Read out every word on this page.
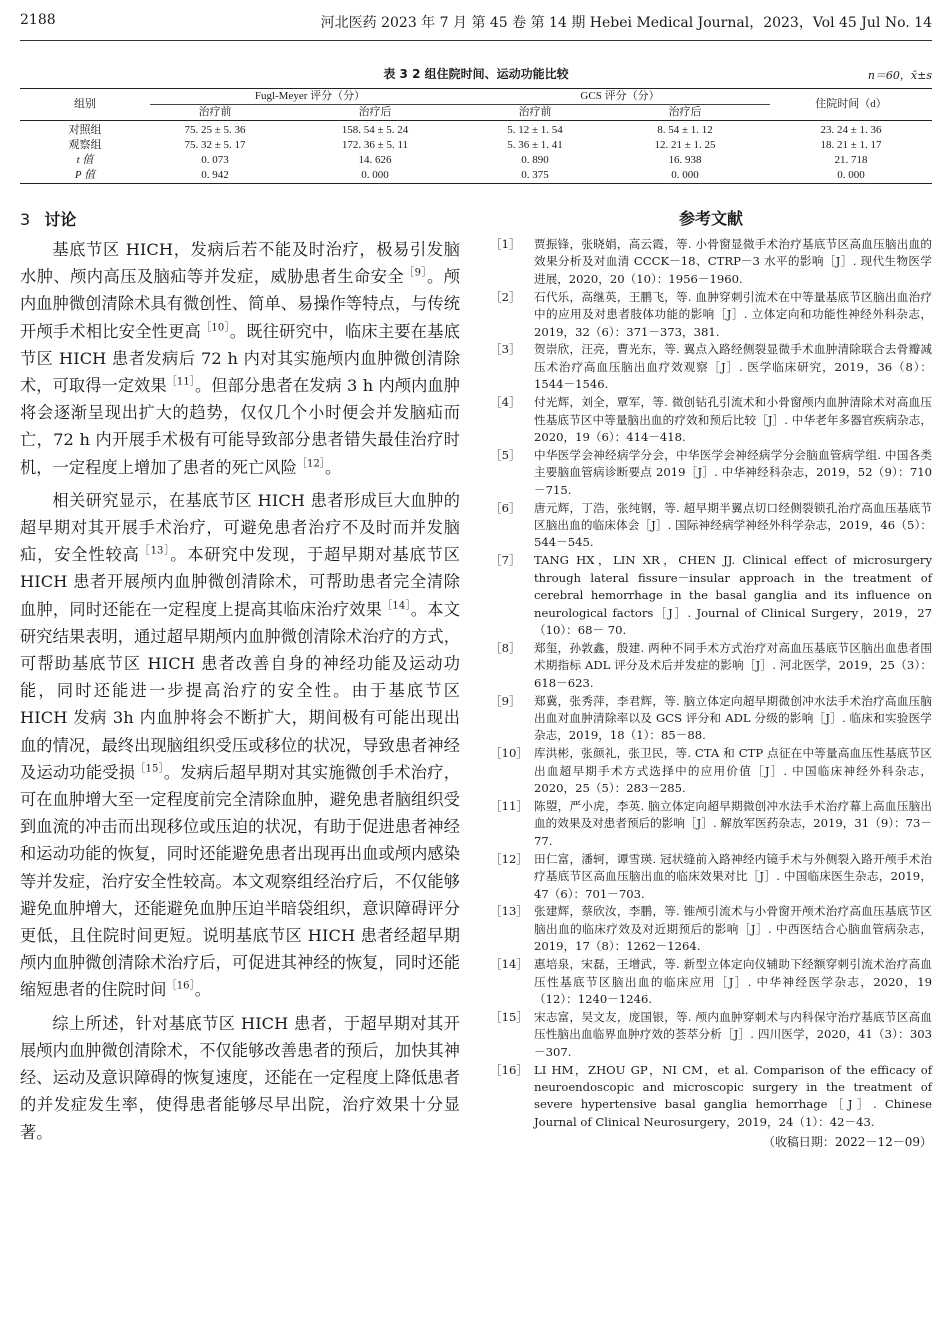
2188	河北医药 2023 年 7 月 第 45 卷 第 14 期 Hebei Medical Journal，2023，Vol 45 Jul No. 14
表 3 2 组住院时间、运动功能比较	n＝60，x̄±s
组别	Fugl-Meyer 评分（分）		GCS 评分（分）		住院时间（d）
	治疗前	治疗后	治疗前	治疗后	
对照组	75. 25 ± 5. 36	158. 54 ± 5. 24	5. 12 ± 1. 54	8. 54 ± 1. 12	23. 24 ± 1. 36
观察组	75. 32 ± 5. 17	172. 36 ± 5. 11	5. 36 ± 1. 41	12. 21 ± 1. 25	18. 21 ± 1. 17
t 值	0. 073	14. 626	0. 890	16. 938	21. 718
P 值	0. 942	0. 000	0. 375	0. 000	0. 000
3 讨论

基底节区 HICH，发病后若不能及时治疗，极易引发脑水肿、颅内高压及脑疝等并发症，威胁患者生命安全$^{[9]}$。颅内血肿微创清除术具有微创性、简单、易操作等特点，与传统开颅手术相比安全性更高$^{[10]}$。既往研究中，临床主要在基底节区 HICH 患者发病后 72 h 内对其实施颅内血肿微创清除术，可取得一定效果$^{[11]}$。但部分患者在发病 3 h 内颅内血肿将会逐渐呈现出扩大的趋势，仅仅几个小时便会并发脑疝而亡，72 h 内开展手术极有可能导致部分患者错失最佳治疗时机，一定程度上增加了患者的死亡风险$^{[12]}$。

相关研究显示，在基底节区 HICH 患者形成巨大血肿的超早期对其开展手术治疗，可避免患者治疗不及时而并发脑疝，安全性较高$^{[13]}$。本研究中发现，于超早期对基底节区 HICH 患者开展颅内血肿微创清除术，可帮助患者完全清除血肿，同时还能在一定程度上提高其临床治疗效果$^{[14]}$。本文研究结果表明，通过超早期颅内血肿微创清除术治疗的方式，可帮助基底节区 HICH 患者改善自身的神经功能及运动功能，同时还能进一步提高治疗的安全性。由于基底节区 HICH 发病 3h 内血肿将会不断扩大，期间极有可能出现出血的情况，最终出现脑组织受压或移位的状况，导致患者神经及运动功能受损$^{[15]}$。发病后超早期对其实施微创手术治疗，可在血肿增大至一定程度前完全清除血肿，避免患者脑组织受到血流的冲击而出现移位或压迫的状况，有助于促进患者神经和运动功能的恢复，同时还能避免患者出现再出血或颅内感染等并发症，治疗安全性较高。本文观察组经治疗后，不仅能够避免血肿增大，还能避免血肿压迫半暗袋组织，意识障碍评分更低，且住院时间更短。说明基底节区 HICH 患者经超早期颅内血肿微创清除术治疗后，可促进其神经的恢复，同时还能缩短患者的住院时间$^{[16]}$。

综上所述，针对基底节区 HICH 患者，于超早期对其开展颅内血肿微创清除术，不仅能够改善患者的预后，加快其神经、运动及意识障碍的恢复速度，还能在一定程度上降低患者的并发症发生率，使得患者能够尽早出院，治疗效果十分显著。

参考文献
［1］	贾振锋，张晓娟，高云霞，等. 小骨窗显微手术治疗基底节区高血压脑出血的效果分析及对血清 CCCK－18、CTRP－3 水平的影响［J］. 现代生物医学进展，2020，20（10）：1956－1960.
［2］	石代乐，高继英，王鹏飞，等. 血肿穿刺引流术在中等量基底节区脑出血治疗中的应用及对患者肢体功能的影响［J］. 立体定向和功能性神经外科杂志，2019，32（6）：371－373，381.
［3］	贺崇欣，汪亮，曹光东，等. 翼点入路经侧裂显微手术血肿清除联合去骨瓣减压术治疗高血压脑出血疗效观察［J］. 医学临床研究，2019，36（8）：1544－1546.
［4］	付光辉，刘全，覃军，等. 微创钻孔引流术和小骨窗颅内血肿清除术对高血压性基底节区中等量脑出血的疗效和预后比较［J］. 中华老年多器官疾病杂志，2020，19（6）：414－418.
［5］	中华医学会神经病学分会，中华医学会神经病学分会脑血管病学组. 中国各类主要脑血管病诊断要点 2019［J］. 中华神经科杂志，2019，52（9）：710－715.
［6］	唐元辉，丁浩，张纯钢，等. 超早期半翼点切口经侧裂锁孔治疗高血压基底节区脑出血的临床体会［J］. 国际神经病学神经外科学杂志，2019，46（5）：544－545.
［7］	TANG HX，LIN XR，CHEN JJ. Clinical effect of microsurgery through lateral fissure－insular approach in the treatment of cerebral hemorrhage in the basal ganglia and its influence on neurological factors［J］. Journal of Clinical Surgery，2019，27（10）：68－ 70.
［8］	郑玺，孙敦鑫，殷建. 两种不同手术方式治疗对高血压基底节区脑出血患者围术期指标 ADL 评分及术后并发症的影响［J］. 河北医学，2019，25（3）：618－623.
［9］	郑冀，张秀萍，李君辉，等. 脑立体定向超早期微创冲水法手术治疗高血压脑出血对血肿清除率以及 GCS 评分和 ADL 分级的影响［J］. 临床和实验医学杂志，2019，18（1）：85－88.
［10］ 库洪彬，张颜礼，张卫民，等. CTA 和 CTP 点征在中等量高血压性基底节区出血超早期手术方式选择中的应用价值［J］. 中国临床神经外科杂志，2020，25（5）：283－285.
［11］ 陈曌，严小虎，李英. 脑立体定向超早期微创冲水法手术治疗幕上高血压脑出血的效果及对患者预后的影响［J］. 解放军医药杂志，2019，31（9）：73－77.
［12］ 田仁富，潘轲，谭雪瑛. 冠状缝前入路神经内镜手术与外侧裂入路开颅手术治疗基底节区高血压脑出血的临床效果对比［J］. 中国临床医生杂志，2019，47（6）：701－703.
［13］ 张建辉，蔡欣汝，李鹏，等. 锥颅引流术与小骨窗开颅术治疗高血压基底节区脑出血的临床疗效及对近期预后的影响［J］. 中西医结合心脑血管病杂志，2019，17（8）：1262－1264.
［14］ 惠培泉，宋磊，王增武，等. 新型立体定向仪辅助下经额穿刺引流术治疗高血压性基底节区脑出血的临床应用［J］. 中华神经医学杂志，2020，19（12）：1240－1246.
［15］ 宋志富，吴文友，庞国银，等. 颅内血肿穿刺术与内科保守治疗基底节区高血压性脑出血临界血肿疗效的荟萃分析［J］. 四川医学，2020，41（3）：303－307.
［16］ LI HM，ZHOU GP，NI CM，et al. Comparison of the efficacy of neuroendoscopic and microscopic surgery in the treatment of severe hypertensive basal ganglia hemorrhage［J］. Chinese Journal of Clinical Neurosurgery，2019，24（1）：42－43.
（收稿日期：2022－12－09）
